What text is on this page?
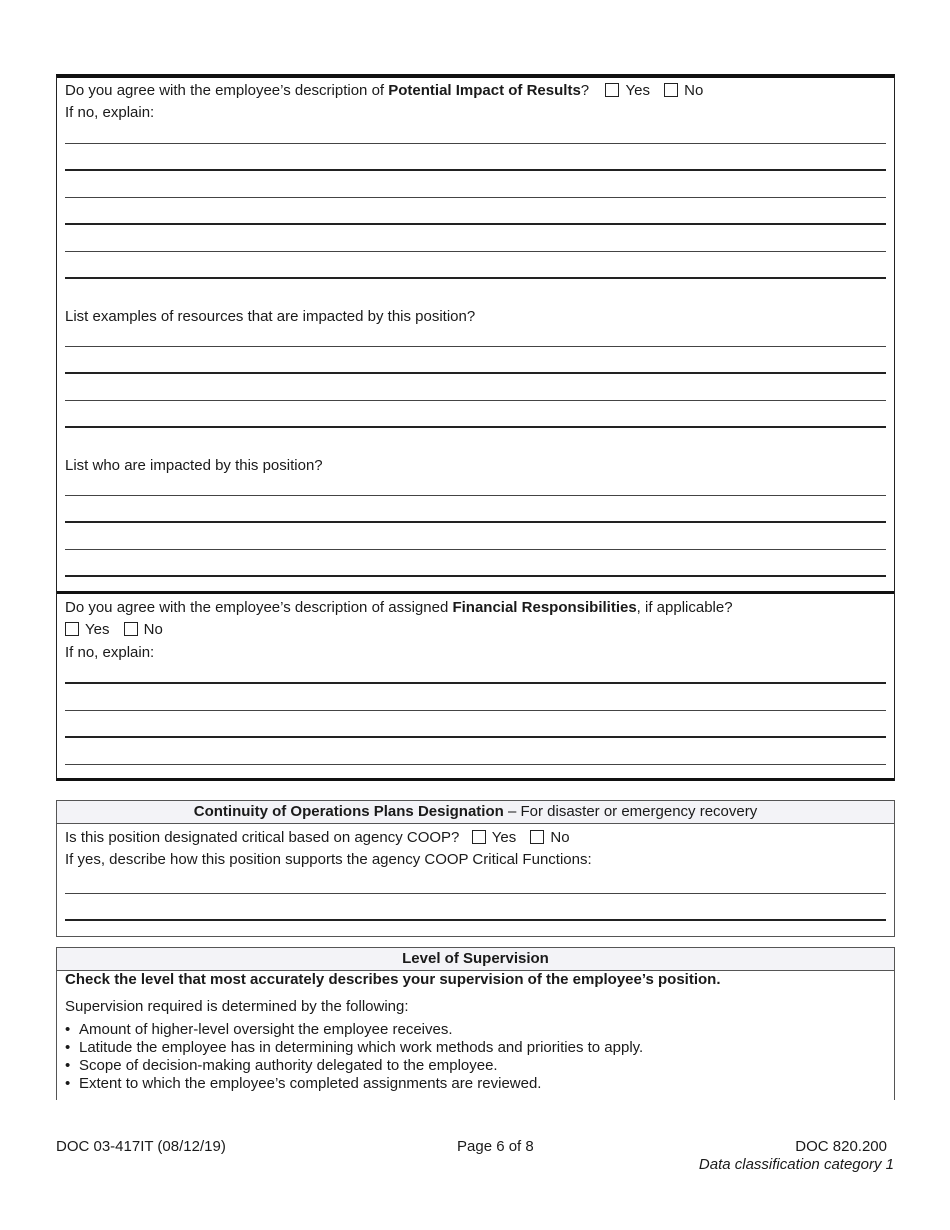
Do you agree with the employee’s description of Potential Impact of Results? Yes No
If no, explain:
List examples of resources that are impacted by this position?
List who are impacted by this position?
Do you agree with the employee’s description of assigned Financial Responsibilities, if applicable?
Yes No
If no, explain:
Continuity of Operations Plans Designation – For disaster or emergency recovery
Is this position designated critical based on agency COOP? Yes No
If yes, describe how this position supports the agency COOP Critical Functions:
Level of Supervision
Check the level that most accurately describes your supervision of the employee’s position.
Supervision required is determined by the following:
• Amount of higher-level oversight the employee receives.
• Latitude the employee has in determining which work methods and priorities to apply.
• Scope of decision-making authority delegated to the employee.
• Extent to which the employee’s completed assignments are reviewed.
DOC 03-417IT (08/12/19)	Page 6 of 8	DOC 820.200
Data classification category 1
